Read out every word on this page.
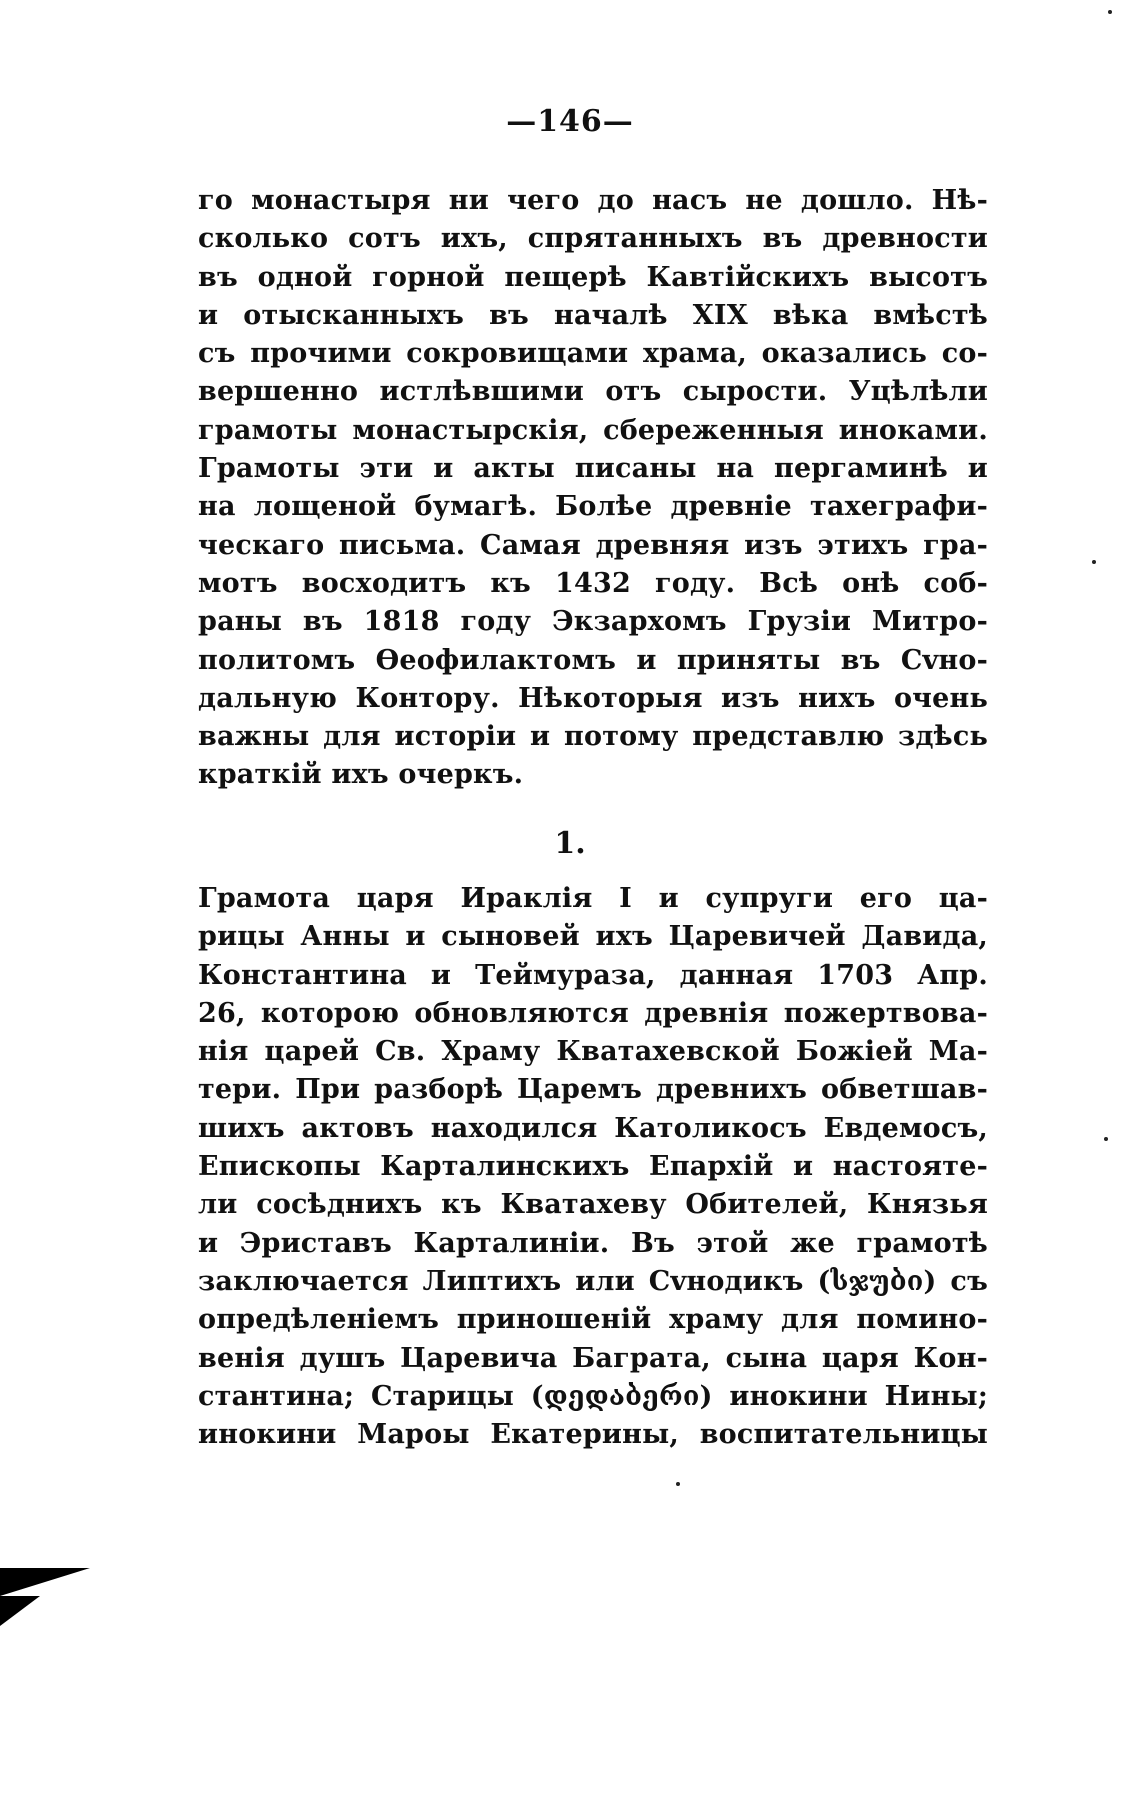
—146—
го монастыря ни чего до насъ не дошло. Нѣ-
сколько сотъ ихъ, спрятанныхъ въ древности
въ одной горной пещерѣ Кавтійскихъ высотъ
и отысканныхъ въ началѣ XIX вѣка вмѣстѣ
съ прочими сокровищами храма, оказались со-
вершенно истлѣвшими отъ сырости. Уцѣлѣли
грамоты монастырскія, сбереженныя иноками.
Грамоты эти и акты писаны на пергаминѣ и
на лощеной бумагѣ. Болѣе древніе тахеграфи-
ческаго письма. Самая древняя изъ этихъ гра-
мотъ восходитъ къ 1432 году. Всѣ онѣ соб-
раны въ 1818 году Экзархомъ Грузіи Митро-
политомъ Ѳеофилактомъ и приняты въ Сvно-
дальную Контору. Нѣкоторыя изъ нихъ очень
важны для исторіи и потому представлю здѣсь
краткій ихъ очеркъ.
1.
Грамота царя Ираклія I и супруги его ца-
рицы Анны и сыновей ихъ Царевичей Давида,
Константина и Теймураза, данная 1703 Апр.
26, которою обновляются древнія пожертвова-
нія царей Св. Храму Кватахевской Божіей Ма-
тери. При разборѣ Царемъ древнихъ обветшав-
шихъ актовъ находился Католикосъ Евдемосъ,
Епископы Карталинскихъ Епархій и настояте-
ли сосѣднихъ къ Кватахеву Обителей, Князья
и Эриставъ Карталиніи. Въ этой же грамотѣ
заключается Липтихъ или Сvнодикъ (სჯუბი) съ
опредѣленіемъ приношеній храму для помино-
венія душъ Царевича Баграта, сына царя Кон-
стантина; Старицы (დედაბერი) инокини Нины;
инокини Мароы Екатерины, воспитательницы
